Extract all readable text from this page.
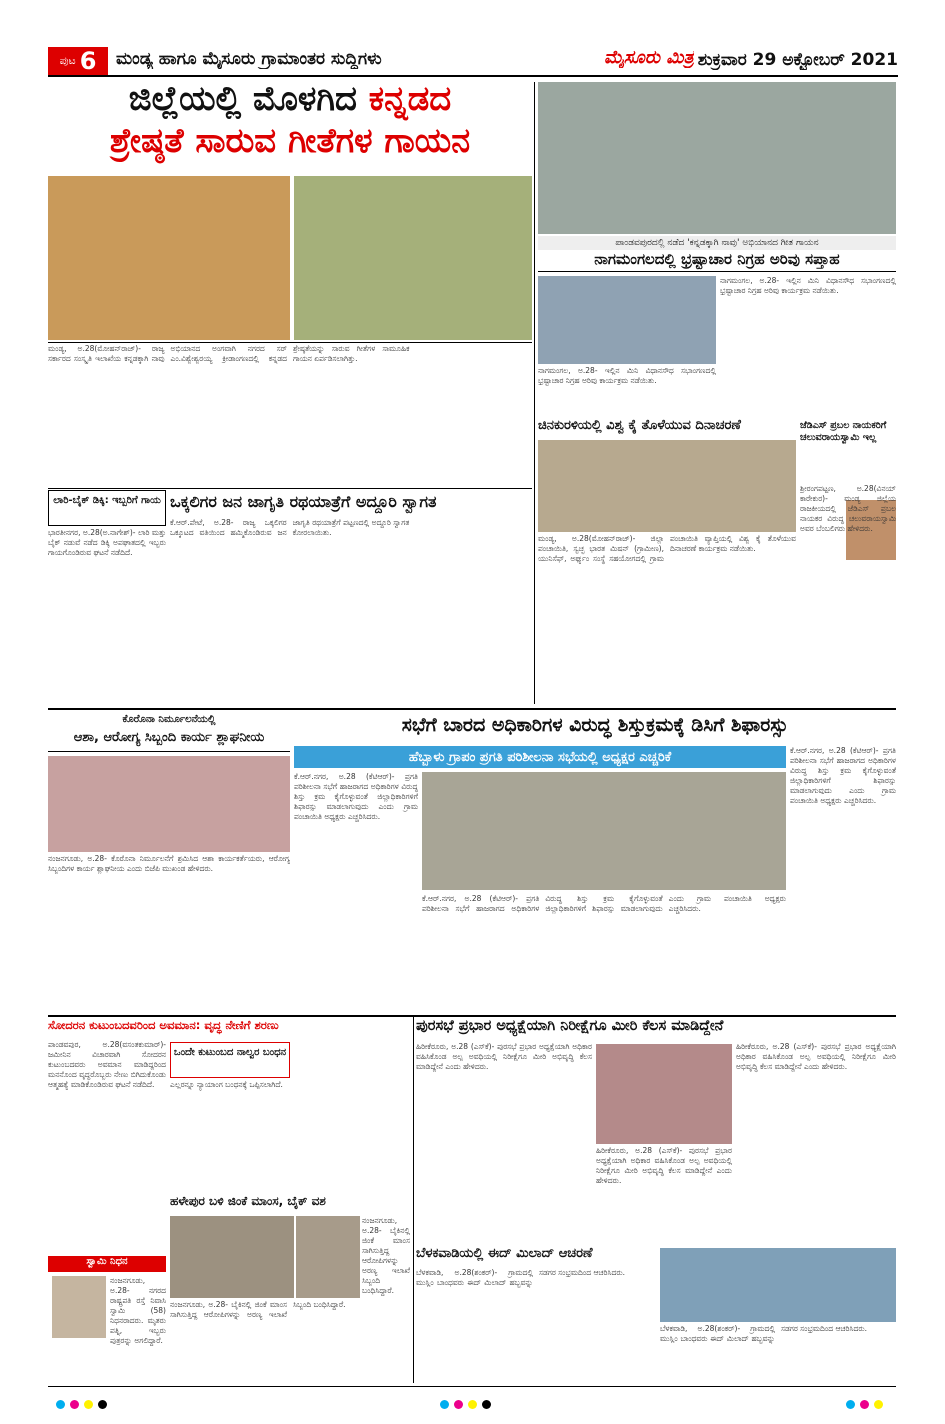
ಪುಟ 6 ಮಂಡ್ಯ ಹಾಗೂ ಮೈಸೂರು ಗ್ರಾಮಾಂತರ ಸುದ್ದಿಗಳು	ಮೈಸೂರು ಮಿತ್ರ ಶುಕ್ರವಾರ 29 ಅಕ್ಟೋಬರ್ 2021
ಜಿಲ್ಲೆಯಲ್ಲಿ ಮೊಳಗಿದ ಕನ್ನಡದ
ಶ್ರೇಷ್ಠತೆ ಸಾರುವ ಗೀತೆಗಳ ಗಾಯನ
ಪಾಂಡವಪುರದಲ್ಲಿ ನಡೆದ 'ಕನ್ನಡಕ್ಕಾಗಿ ನಾವು' ಅಭಿಯಾನದ ಗೀತ ಗಾಯನ
ನಾಗಮಂಗಲದಲ್ಲಿ ಭ್ರಷ್ಟಾಚಾರ ನಿಗ್ರಹ ಅರಿವು ಸಪ್ತಾಹ
ನಾಗಮಂಗಲ, ಅ.28- ಇಲ್ಲಿನ ಮಿನಿ ವಿಧಾನಸೌಧ ಸಭಾಂಗಣದಲ್ಲಿ ಭ್ರಷ್ಟಾಚಾರ ನಿಗ್ರಹ ಅರಿವು ಕಾರ್ಯಕ್ರಮ ನಡೆಯಿತು.
ನಾಗಮಂಗಲ, ಅ.28- ಇಲ್ಲಿನ ಮಿನಿ ವಿಧಾನಸೌಧ ಸಭಾಂಗಣದಲ್ಲಿ ಭ್ರಷ್ಟಾಚಾರ ನಿಗ್ರಹ ಅರಿವು ಕಾರ್ಯಕ್ರಮ ನಡೆಯಿತು.
ಮಂಡ್ಯ, ಅ.28(ಮೋಹನ್‌ರಾಜ್)- ರಾಜ್ಯ ಸರ್ಕಾರದ ಸಂಸ್ಕೃತಿ ಇಲಾಖೆಯ ಕನ್ನಡಕ್ಕಾಗಿ ನಾವು ಅಭಿಯಾನದ ಅಂಗವಾಗಿ ನಗರದ ಸರ್ ಎಂ.ವಿಶ್ವೇಶ್ವರಯ್ಯ ಕ್ರೀಡಾಂಗಣದಲ್ಲಿ ಕನ್ನಡದ ಶ್ರೇಷ್ಠತೆಯನ್ನು ಸಾರುವ ಗೀತೆಗಳ ಸಾಮೂಹಿಕ ಗಾಯನ ಏರ್ಪಡಿಸಲಾಗಿತ್ತು.
ಲಾರಿ-ಬೈಕ್ ಡಿಕ್ಕಿ: ಇಬ್ಬರಿಗೆ ಗಾಯ
ಭಾರತೀನಗರ, ಅ.28(ಅ.ನಾಗೇಶ್)- ಲಾರಿ ಮತ್ತು ಬೈಕ್ ನಡುವೆ ನಡೆದ ಡಿಕ್ಕಿ ಅಪಘಾತದಲ್ಲಿ ಇಬ್ಬರು ಗಾಯಗೊಂಡಿರುವ ಘಟನೆ ನಡೆದಿದೆ.
ಒಕ್ಕಲಿಗರ ಜನ ಜಾಗೃತಿ ರಥಯಾತ್ರೆಗೆ ಅದ್ದೂರಿ ಸ್ವಾಗತ
ಕೆ.ಆರ್.ಪೇಟೆ, ಅ.28- ರಾಜ್ಯ ಒಕ್ಕಲಿಗರ ಒಕ್ಕೂಟದ ವತಿಯಿಂದ ಹಮ್ಮಿಕೊಂಡಿರುವ ಜನ ಜಾಗೃತಿ ರಥಯಾತ್ರೆಗೆ ಪಟ್ಟಣದಲ್ಲಿ ಅದ್ದೂರಿ ಸ್ವಾಗತ ಕೋರಲಾಯಿತು.
ಚಿನಕುರಳಿಯಲ್ಲಿ ವಿಶ್ವ ಕೈ ತೊಳೆಯುವ ದಿನಾಚರಣೆ
ಮಂಡ್ಯ, ಅ.28(ಮೋಹನ್‌ರಾಜ್)- ಜಿಲ್ಲಾ ಪಂಚಾಯಿತಿ, ಸ್ವಚ್ಛ ಭಾರತ ಮಿಷನ್ (ಗ್ರಾಮೀಣ), ಯುನಿಸೆಫ್, ಅರ್ಘ್ಯಂ ಸಂಸ್ಥೆ ಸಹಯೋಗದಲ್ಲಿ ಗ್ರಾಮ ಪಂಚಾಯಿತಿ ವ್ಯಾಪ್ತಿಯಲ್ಲಿ ವಿಶ್ವ ಕೈ ತೊಳೆಯುವ ದಿನಾಚರಣೆ ಕಾರ್ಯಕ್ರಮ ನಡೆಯಿತು.
ಜೆಡಿಎಸ್ ಪ್ರಬಲ ನಾಯಕರಿಗೆ ಚಲುವರಾಯಸ್ವಾಮಿ ಇಲ್ಲ
ಶ್ರೀರಂಗಪಟ್ಟಣ, ಅ.28(ವಿನಯ್ ಕಾರೇಕುರ)- ಮಂಡ್ಯ ಜಿಲ್ಲೆಯ ರಾಜಕೀಯದಲ್ಲಿ ಜೆಡಿಎಸ್ ಪ್ರಬಲ ನಾಯಕರ ವಿರುದ್ಧ ಚಲುವರಾಯಸ್ವಾಮಿ ಅವರ ಬೆಂಬಲಿಗರು ಹೇಳಿದರು.
ಕೊರೊನಾ ನಿರ್ಮೂಲನೆಯಲ್ಲಿ
ಆಶಾ, ಆರೋಗ್ಯ ಸಿಬ್ಬಂದಿ ಕಾರ್ಯ ಶ್ಲಾಘನೀಯ
ನಂಜನಗೂಡು, ಅ.28- ಕೊರೊನಾ ನಿರ್ಮೂಲನೆಗೆ ಶ್ರಮಿಸಿದ ಆಶಾ ಕಾರ್ಯಕರ್ತೆಯರು, ಆರೋಗ್ಯ ಸಿಬ್ಬಂದಿಗಳ ಕಾರ್ಯ ಶ್ಲಾಘನೀಯ ಎಂದು ಬಿಜೆಪಿ ಮುಖಂಡ ಹೇಳಿದರು.
ಸಭೆಗೆ ಬಾರದ ಅಧಿಕಾರಿಗಳ ವಿರುದ್ಧ ಶಿಸ್ತುಕ್ರಮಕ್ಕೆ ಡಿಸಿಗೆ ಶಿಫಾರಸ್ಸು
ಹೆಬ್ಬಾಳು ಗ್ರಾಪಂ ಪ್ರಗತಿ ಪರಿಶೀಲನಾ ಸಭೆಯಲ್ಲಿ ಅಧ್ಯಕ್ಷರ ಎಚ್ಚರಿಕೆ
ಕೆ.ಆರ್.ನಗರ, ಅ.28 (ಕೆಟಿಆರ್)- ಪ್ರಗತಿ ಪರಿಶೀಲನಾ ಸಭೆಗೆ ಹಾಜರಾಗದ ಅಧಿಕಾರಿಗಳ ವಿರುದ್ಧ ಶಿಸ್ತು ಕ್ರಮ ಕೈಗೊಳ್ಳುವಂತೆ ಜಿಲ್ಲಾಧಿಕಾರಿಗಳಿಗೆ ಶಿಫಾರಸ್ಸು ಮಾಡಲಾಗುವುದು ಎಂದು ಗ್ರಾಮ ಪಂಚಾಯಿತಿ ಅಧ್ಯಕ್ಷರು ಎಚ್ಚರಿಸಿದರು.
ಕೆ.ಆರ್.ನಗರ, ಅ.28 (ಕೆಟಿಆರ್)- ಪ್ರಗತಿ ಪರಿಶೀಲನಾ ಸಭೆಗೆ ಹಾಜರಾಗದ ಅಧಿಕಾರಿಗಳ ವಿರುದ್ಧ ಶಿಸ್ತು ಕ್ರಮ ಕೈಗೊಳ್ಳುವಂತೆ ಜಿಲ್ಲಾಧಿಕಾರಿಗಳಿಗೆ ಶಿಫಾರಸ್ಸು ಮಾಡಲಾಗುವುದು ಎಂದು ಗ್ರಾಮ ಪಂಚಾಯಿತಿ ಅಧ್ಯಕ್ಷರು ಎಚ್ಚರಿಸಿದರು.
ಕೆ.ಆರ್.ನಗರ, ಅ.28 (ಕೆಟಿಆರ್)- ಪ್ರಗತಿ ಪರಿಶೀಲನಾ ಸಭೆಗೆ ಹಾಜರಾಗದ ಅಧಿಕಾರಿಗಳ ವಿರುದ್ಧ ಶಿಸ್ತು ಕ್ರಮ ಕೈಗೊಳ್ಳುವಂತೆ ಜಿಲ್ಲಾಧಿಕಾರಿಗಳಿಗೆ ಶಿಫಾರಸ್ಸು ಮಾಡಲಾಗುವುದು ಎಂದು ಗ್ರಾಮ ಪಂಚಾಯಿತಿ ಅಧ್ಯಕ್ಷರು ಎಚ್ಚರಿಸಿದರು.
ಸೋದರನ ಕುಟುಂಬದವರಿಂದ ಅವಮಾನ: ವೃದ್ಧ ನೇಣಿಗೆ ಶರಣು
ಪಾಂಡವಪುರ, ಅ.28(ವಸಂತಕುಮಾರ್)- ಜಮೀನಿನ ವಿಚಾರವಾಗಿ ಸೋದರನ ಕುಟುಂಬದವರು ಅವಮಾನ ಮಾಡಿದ್ದರಿಂದ ಮನನೊಂದ ವೃದ್ಧರೊಬ್ಬರು ನೇಣು ಬಿಗಿದುಕೊಂಡು ಆತ್ಮಹತ್ಯೆ ಮಾಡಿಕೊಂಡಿರುವ ಘಟನೆ ನಡೆದಿದೆ.
ಒಂದೇ ಕುಟುಂಬದ ನಾಲ್ವರ ಬಂಧನ
ಎಲ್ಲರನ್ನೂ ನ್ಯಾಯಾಂಗ ಬಂಧನಕ್ಕೆ ಒಪ್ಪಿಸಲಾಗಿದೆ.
ಸ್ವಾಮಿ ನಿಧನ
ನಂಜನಗೂಡು, ಅ.28- ನಗರದ ರಾಷ್ಟ್ರಪತಿ ರಸ್ತೆ ನಿವಾಸಿ ಸ್ವಾಮಿ (58) ನಿಧನರಾದರು. ಮೃತರು ಪತ್ನಿ, ಇಬ್ಬರು ಪುತ್ರರನ್ನು ಅಗಲಿದ್ದಾರೆ.
ಹಳೇಪುರ ಬಳಿ ಜಿಂಕೆ ಮಾಂಸ, ಬೈಕ್ ವಶ
ನಂಜನಗೂಡು, ಅ.28- ಬೈಕಿನಲ್ಲಿ ಜಿಂಕೆ ಮಾಂಸ ಸಾಗಿಸುತ್ತಿದ್ದ ಆರೋಪಿಗಳನ್ನು ಅರಣ್ಯ ಇಲಾಖೆ ಸಿಬ್ಬಂದಿ ಬಂಧಿಸಿದ್ದಾರೆ.
ನಂಜನಗೂಡು, ಅ.28- ಬೈಕಿನಲ್ಲಿ ಜಿಂಕೆ ಮಾಂಸ ಸಾಗಿಸುತ್ತಿದ್ದ ಆರೋಪಿಗಳನ್ನು ಅರಣ್ಯ ಇಲಾಖೆ ಸಿಬ್ಬಂದಿ ಬಂಧಿಸಿದ್ದಾರೆ.
ಪುರಸಭೆ ಪ್ರಭಾರ ಅಧ್ಯಕ್ಷೆಯಾಗಿ ನಿರೀಕ್ಷೆಗೂ ಮೀರಿ ಕೆಲಸ ಮಾಡಿದ್ದೇನೆ
ಹಿರೀಕೆರೂರು, ಅ.28 (ಎಸ್‌ಕೆ)- ಪುರಸಭೆ ಪ್ರಭಾರ ಅಧ್ಯಕ್ಷೆಯಾಗಿ ಅಧಿಕಾರ ವಹಿಸಿಕೊಂಡ ಅಲ್ಪ ಅವಧಿಯಲ್ಲಿ ನಿರೀಕ್ಷೆಗೂ ಮೀರಿ ಅಭಿವೃದ್ಧಿ ಕೆಲಸ ಮಾಡಿದ್ದೇನೆ ಎಂದು ಹೇಳಿದರು.
ಹಿರೀಕೆರೂರು, ಅ.28 (ಎಸ್‌ಕೆ)- ಪುರಸಭೆ ಪ್ರಭಾರ ಅಧ್ಯಕ್ಷೆಯಾಗಿ ಅಧಿಕಾರ ವಹಿಸಿಕೊಂಡ ಅಲ್ಪ ಅವಧಿಯಲ್ಲಿ ನಿರೀಕ್ಷೆಗೂ ಮೀರಿ ಅಭಿವೃದ್ಧಿ ಕೆಲಸ ಮಾಡಿದ್ದೇನೆ ಎಂದು ಹೇಳಿದರು.
ಹಿರೀಕೆರೂರು, ಅ.28 (ಎಸ್‌ಕೆ)- ಪುರಸಭೆ ಪ್ರಭಾರ ಅಧ್ಯಕ್ಷೆಯಾಗಿ ಅಧಿಕಾರ ವಹಿಸಿಕೊಂಡ ಅಲ್ಪ ಅವಧಿಯಲ್ಲಿ ನಿರೀಕ್ಷೆಗೂ ಮೀರಿ ಅಭಿವೃದ್ಧಿ ಕೆಲಸ ಮಾಡಿದ್ದೇನೆ ಎಂದು ಹೇಳಿದರು.
ಬೆಳಕವಾಡಿಯಲ್ಲಿ ಈದ್ ಮಿಲಾದ್ ಆಚರಣೆ
ಬೆಳಕವಾಡಿ, ಅ.28(ಶಂಕರ್)- ಗ್ರಾಮದಲ್ಲಿ ಮುಸ್ಲಿಂ ಬಾಂಧವರು ಈದ್ ಮಿಲಾದ್ ಹಬ್ಬವನ್ನು ಸಡಗರ ಸಂಭ್ರಮದಿಂದ ಆಚರಿಸಿದರು.
ಬೆಳಕವಾಡಿ, ಅ.28(ಶಂಕರ್)- ಗ್ರಾಮದಲ್ಲಿ ಮುಸ್ಲಿಂ ಬಾಂಧವರು ಈದ್ ಮಿಲಾದ್ ಹಬ್ಬವನ್ನು ಸಡಗರ ಸಂಭ್ರಮದಿಂದ ಆಚರಿಸಿದರು.
